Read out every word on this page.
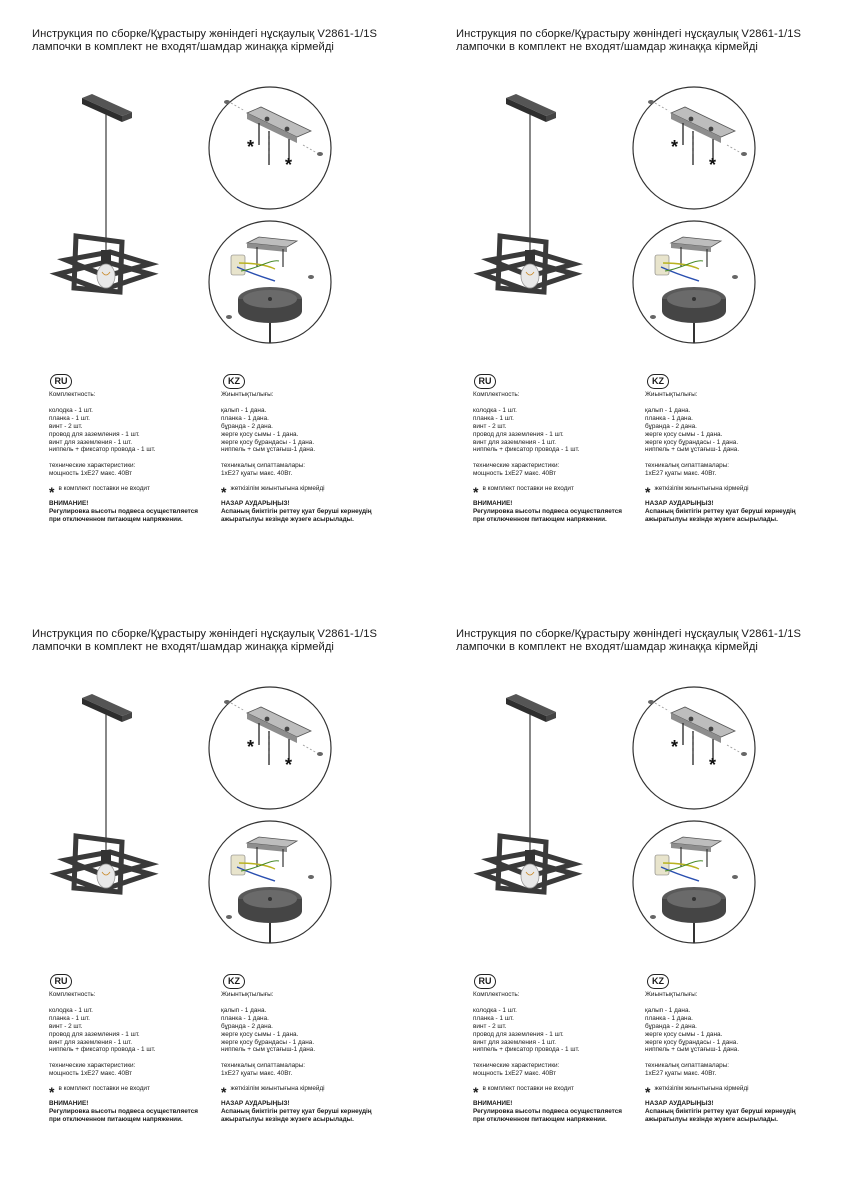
Инструкция по сборке/Құрастыру жөніндегі нұсқаулық V2861-1/1S
лампочки в комплект не входят/шамдар жинаққа кірмейді
RU	KZ
Комплектность:
колодка - 1 шт.
планка - 1 шт.
винт - 2 шт.
провод для заземления - 1 шт.
винт для заземления - 1 шт.
ниппель + фиксатор провода - 1 шт.
технические характеристики:
мощность 1хЕ27 макс. 40Вт
* в комплект поставки не входит
ВНИМАНИЕ!
Регулировка высоты подвеса осуществляется
при отключенном питающем напряжении.
Жиынтықтылығы:
қалып - 1 дана.
планка - 1 дана.
бұранда - 2 дана.
жерге қосу сымы - 1 дана.
жерге қосу бұрандасы - 1 дана.
ниппель + сым ұстағыш-1 дана.
техникалық сипаттамалары:
1хЕ27 қуаты макс. 40Вт.
* жеткізілім жиынтығына кірмейді
НАЗАР АУДАРЫҢЫЗ!
Аспаның биіктігін реттеу қуат беруші кернеудің
ажыратылуы кезінде жүзеге асырылады.
Инструкция по сборке/Құрастыру жөніндегі нұсқаулық V2861-1/1S
лампочки в комплект не входят/шамдар жинаққа кірмейді
RU	KZ
Комплектность:
колодка - 1 шт.
планка - 1 шт.
винт - 2 шт.
провод для заземления - 1 шт.
винт для заземления - 1 шт.
ниппель + фиксатор провода - 1 шт.
технические характеристики:
мощность 1хЕ27 макс. 40Вт
* в комплект поставки не входит
ВНИМАНИЕ!
Регулировка высоты подвеса осуществляется
при отключенном питающем напряжении.
Жиынтықтылығы:
қалып - 1 дана.
планка - 1 дана.
бұранда - 2 дана.
жерге қосу сымы - 1 дана.
жерге қосу бұрандасы - 1 дана.
ниппель + сым ұстағыш-1 дана.
техникалық сипаттамалары:
1хЕ27 қуаты макс. 40Вт.
* жеткізілім жиынтығына кірмейді
НАЗАР АУДАРЫҢЫЗ!
Аспаның биіктігін реттеу қуат беруші кернеудің
ажыратылуы кезінде жүзеге асырылады.
Инструкция по сборке/Құрастыру жөніндегі нұсқаулық V2861-1/1S
лампочки в комплект не входят/шамдар жинаққа кірмейді
RU	KZ
Комплектность:
колодка - 1 шт.
планка - 1 шт.
винт - 2 шт.
провод для заземления - 1 шт.
винт для заземления - 1 шт.
ниппель + фиксатор провода - 1 шт.
технические характеристики:
мощность 1хЕ27 макс. 40Вт
* в комплект поставки не входит
ВНИМАНИЕ!
Регулировка высоты подвеса осуществляется
при отключенном питающем напряжении.
Жиынтықтылығы:
қалып - 1 дана.
планка - 1 дана.
бұранда - 2 дана.
жерге қосу сымы - 1 дана.
жерге қосу бұрандасы - 1 дана.
ниппель + сым ұстағыш-1 дана.
техникалық сипаттамалары:
1хЕ27 қуаты макс. 40Вт.
* жеткізілім жиынтығына кірмейді
НАЗАР АУДАРЫҢЫЗ!
Аспаның биіктігін реттеу қуат беруші кернеудің
ажыратылуы кезінде жүзеге асырылады.
Инструкция по сборке/Құрастыру жөніндегі нұсқаулық V2861-1/1S
лампочки в комплект не входят/шамдар жинаққа кірмейді
RU	KZ
Комплектность:
колодка - 1 шт.
планка - 1 шт.
винт - 2 шт.
провод для заземления - 1 шт.
винт для заземления - 1 шт.
ниппель + фиксатор провода - 1 шт.
технические характеристики:
мощность 1хЕ27 макс. 40Вт
* в комплект поставки не входит
ВНИМАНИЕ!
Регулировка высоты подвеса осуществляется
при отключенном питающем напряжении.
Жиынтықтылығы:
қалып - 1 дана.
планка - 1 дана.
бұранда - 2 дана.
жерге қосу сымы - 1 дана.
жерге қосу бұрандасы - 1 дана.
ниппель + сым ұстағыш-1 дана.
техникалық сипаттамалары:
1хЕ27 қуаты макс. 40Вт.
* жеткізілім жиынтығына кірмейді
НАЗАР АУДАРЫҢЫЗ!
Аспаның биіктігін реттеу қуат беруші кернеудің
ажыратылуы кезінде жүзеге асырылады.
